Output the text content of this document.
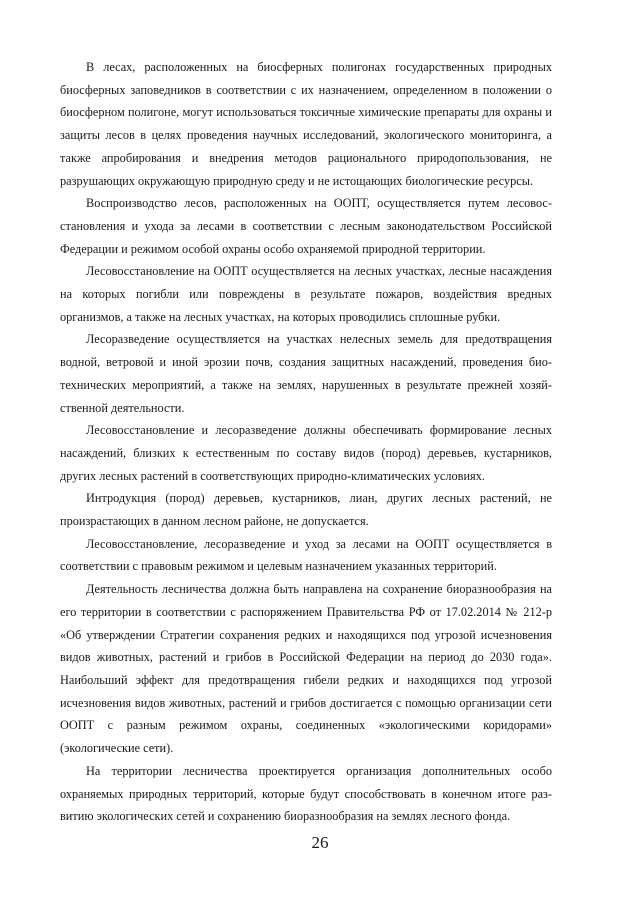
В лесах, расположенных на биосферных полигонах государственных природных биосферных заповедников в соответствии с их назначением, определенном в положении о биосферном полигоне, могут использоваться токсичные химические препараты для охраны и защиты лесов в целях проведения научных исследований, экологического мониторинга, а также апробирования и внедрения методов рационального природопользования, не разрушающих окружающую природную среду и не истощающих биологические ресурсы.

Воспроизводство лесов, расположенных на ООПТ, осуществляется путем лесовосстановления и ухода за лесами в соответствии с лесным законодательством Российской Федерации и режимом особой охраны особо охраняемой природной территории.

Лесовосстановление на ООПТ осуществляется на лесных участках, лесные насаждения на которых погибли или повреждены в результате пожаров, воздействия вредных организмов, а также на лесных участках, на которых проводились сплошные рубки.

Лесоразведение осуществляется на участках нелесных земель для предотвращения водной, ветровой и иной эрозии почв, создания защитных насаждений, проведения биотехнических мероприятий, а также на землях, нарушенных в результате прежней хозяйственной деятельности.

Лесовосстановление и лесоразведение должны обеспечивать формирование лесных насаждений, близких к естественным по составу видов (пород) деревьев, кустарников, других лесных растений в соответствующих природно-климатических условиях.

Интродукция (пород) деревьев, кустарников, лиан, других лесных растений, не произрастающих в данном лесном районе, не допускается.

Лесовосстановление, лесоразведение и уход за лесами на ООПТ осуществляется в соответствии с правовым режимом и целевым назначением указанных территорий.

Деятельность лесничества должна быть направлена на сохранение биоразнообразия на его территории в соответствии с распоряжением Правительства РФ от 17.02.2014 № 212-р «Об утверждении Стратегии сохранения редких и находящихся под угрозой исчезновения видов животных, растений и грибов в Российской Федерации на период до 2030 года». Наибольший эффект для предотвращения гибели редких и находящихся под угрозой исчезновения видов животных, растений и грибов достигается с помощью организации сети ООПТ с разным режимом охраны, соединенных «экологическими коридорами» (экологические сети).

На территории лесничества проектируется организация дополнительных особо охраняемых природных территорий, которые будут способствовать в конечном итоге развитию экологических сетей и сохранению биоразнообразия на землях лесного фонда.

26
